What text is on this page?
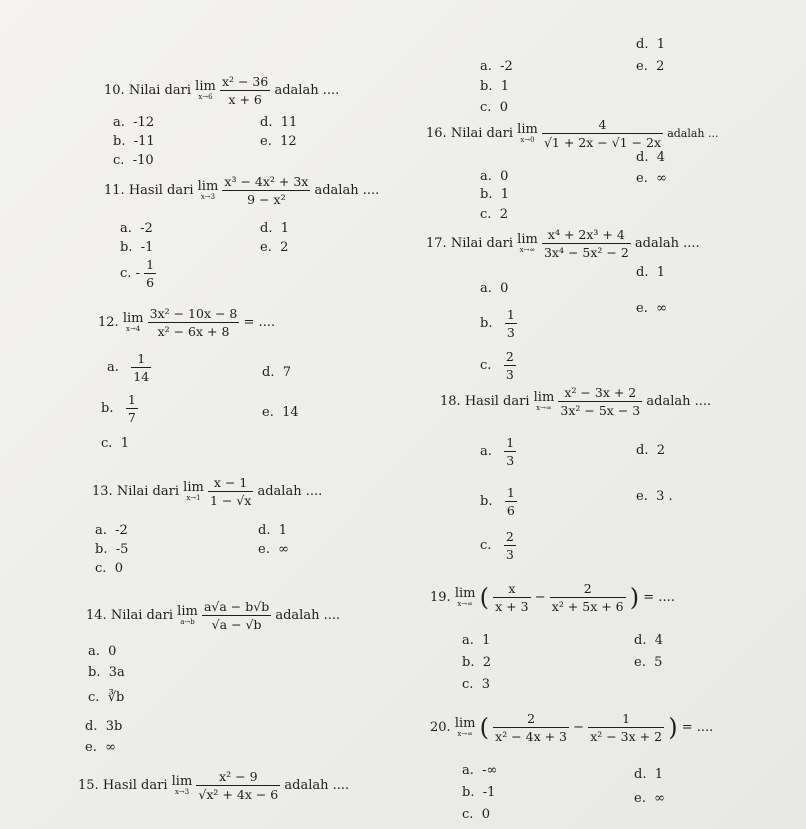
10. Nilai dari lim
x→6
$\frac{\text{x² − 36}}{x + 6}$ adalah ....
a. -12
b. -11
c. -10
d. 11
e. 12
11. Hasil dari lim
x→3
$\frac{\text{x³ − 4x² + 3x}}{\text{9 − x²}}$ adalah ....
a. -2
b. -1
c. - $\frac{1}{6}$
d. 1
e. 2
12. lim
x→4
$\frac{\text{3x² − 10x − 8}}{\text{x² − 6x + 8}}$ = ....
a. $\frac{1}{14}$
b. $\frac{1}{7}$
c. 1
d. 7
e. 14
13. Nilai dari lim
x→1
$\frac{x - 1}{1 - √x}$ adalah ....
a. -2
b. -5
c. 0
d. 1
e. ∞
14. Nilai dari lim
a→b
$\frac{a√a - b√b}{√a - √b}$ adalah ....
a. 0
b. 3a
c. ∛b
d. 3b
e. ∞
15. Hasil dari lim
x→3
$\frac{\text{x² − 9}}{\text{√x² + 4x − 6}}$ adalah ....
a. -2
b. 1
c. 0
d. 1
e. 2
16. Nilai dari lim
x→0
$\frac{4}{√1 + 2x - √1 - 2x}$ adalah ...
a. 0
b. 1
c. 2
d. 4
e. ∞
17. Nilai dari lim
x→∞
$\frac{\text{x⁴ + 2x³ + 4}}{\text{3x⁴ − 5x² − 2}}$ adalah ....
a. 0
b. $\frac{1}{3}$
c. $\frac{2}{3}$
d. 1
e. ∞
18. Hasil dari lim
x→∞
$\frac{\text{x² − 3x + 2}}{\text{3x² − 5x − 3}}$ adalah ....
a. $\frac{1}{3}$
b. $\frac{1}{6}$
c. $\frac{2}{3}$
d. 2
e. 3 .
19. lim
x→∞ ( $\frac{x}{x + 3} - \frac{2}{\text{x² + 5x + 6}}$ ) = ....
a. 1
b. 2
c. 3
d. 4
e. 5
20. lim
x→∞ ( $\frac{2}{\text{x² − 4x + 3}} - \frac{1}{\text{x² − 3x + 2}}$ ) = ....
a. -∞
b. -1
c. 0
d. 1
e. ∞
